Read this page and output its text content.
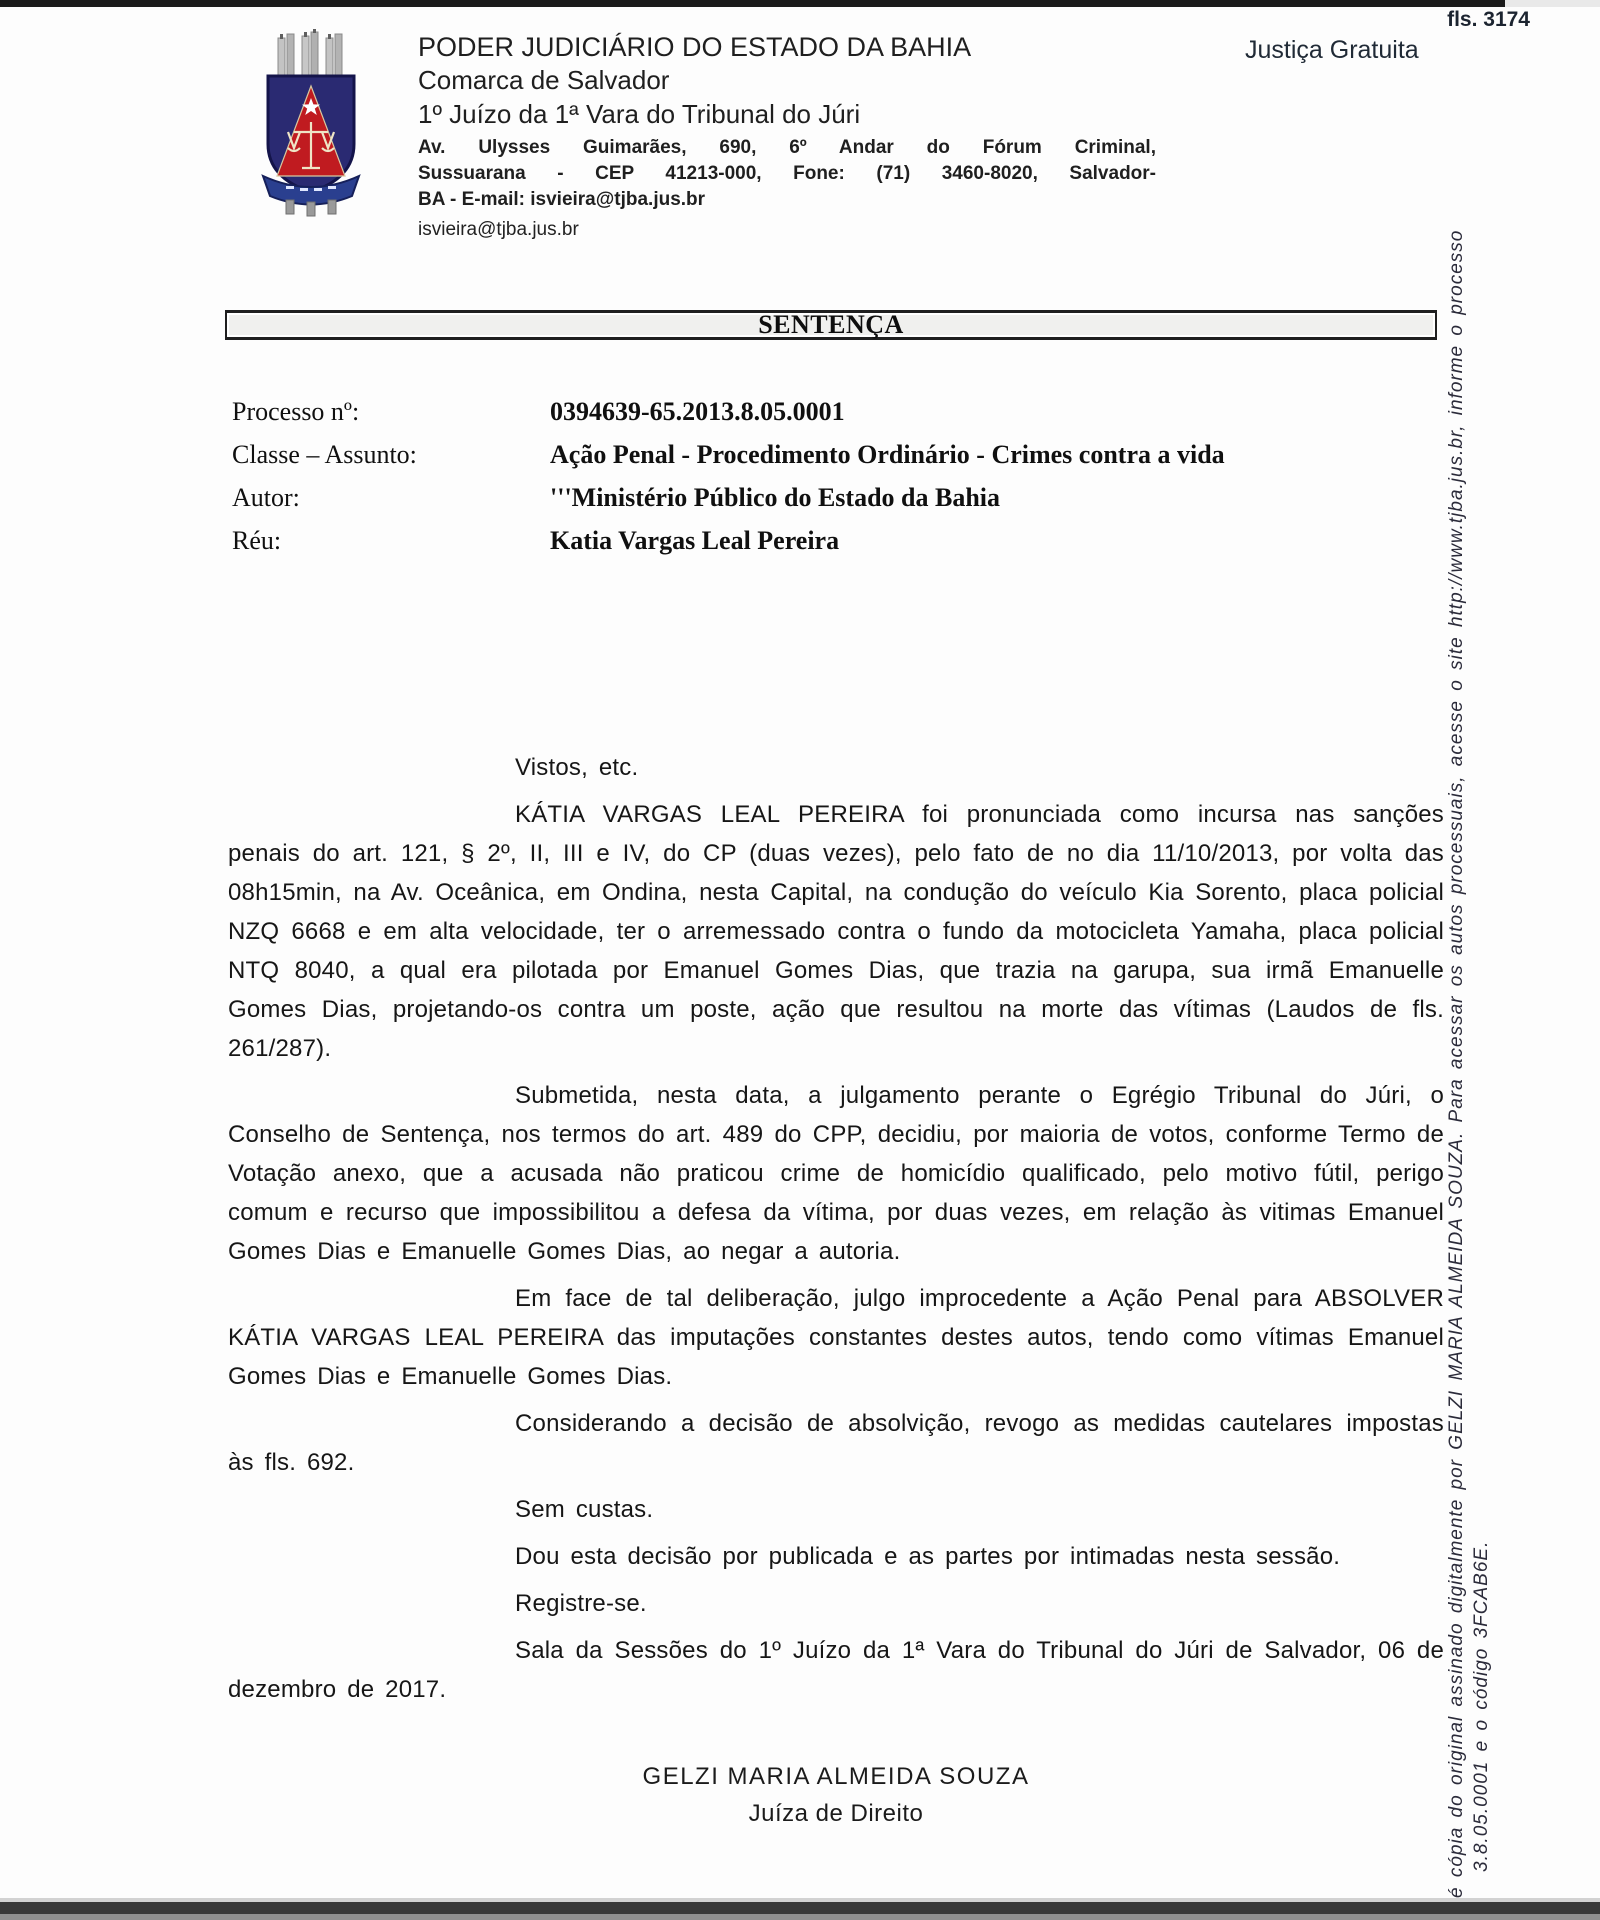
fls. 3174
Justiça Gratuita
PODER JUDICIÁRIO DO ESTADO DA BAHIA
Comarca de Salvador
1º Juízo da 1ª Vara do Tribunal do Júri
Av. Ulysses Guimarães, 690, 6º Andar do Fórum Criminal,
Sussuarana - CEP 41213-000, Fone: (71) 3460-8020, Salvador-
BA - E-mail: isvieira@tjba.jus.br
isvieira@tjba.jus.br
SENTENÇA
Processo nº:	0394639-65.2013.8.05.0001
Classe – Assunto:	Ação Penal - Procedimento Ordinário - Crimes contra a vida
Autor:	'''Ministério Público do Estado da Bahia
Réu:	Katia Vargas Leal Pereira

Vistos, etc.

KÁTIA VARGAS LEAL PEREIRA foi pronunciada como incursa nas sanções penais do art. 121, § 2º, II, III e IV, do CP (duas vezes), pelo fato de no dia 11/10/2013, por volta das 08h15min, na Av. Oceânica, em Ondina, nesta Capital, na condução do veículo Kia Sorento, placa policial NZQ 6668 e em alta velocidade, ter o arremessado contra o fundo da motocicleta Yamaha, placa policial NTQ 8040, a qual era pilotada por Emanuel Gomes Dias, que trazia na garupa, sua irmã Emanuelle Gomes Dias, projetando-os contra um poste, ação que resultou na morte das vítimas (Laudos de fls. 261/287).

Submetida, nesta data, a julgamento perante o Egrégio Tribunal do Júri, o Conselho de Sentença, nos termos do art. 489 do CPP, decidiu, por maioria de votos, conforme Termo de Votação anexo, que a acusada não praticou crime de homicídio qualificado, pelo motivo fútil, perigo comum e recurso que impossibilitou a defesa da vítima, por duas vezes, em relação às vitimas Emanuel Gomes Dias e Emanuelle Gomes Dias, ao negar a autoria.

Em face de tal deliberação, julgo improcedente a Ação Penal para ABSOLVER KÁTIA VARGAS LEAL PEREIRA das imputações constantes destes autos, tendo como vítimas Emanuel Gomes Dias e Emanuelle Gomes Dias.

Considerando a decisão de absolvição, revogo as medidas cautelares impostas às fls. 692.

Sem custas.

Dou esta decisão por publicada e as partes por intimadas nesta sessão.

Registre-se.

Sala da Sessões do 1º Juízo da 1ª Vara do Tribunal do Júri de Salvador, 06 de dezembro de 2017.

GELZI MARIA ALMEIDA SOUZA
Juíza de Direito	é cópia do original assinado digitalmente por GELZI MARIA ALMEIDA SOUZA. Para acessar os autos processuais, acesse o site http://www.tjba.jus.br, informe o processo 3.8.05.0001 e o código 3FCAB6E.
